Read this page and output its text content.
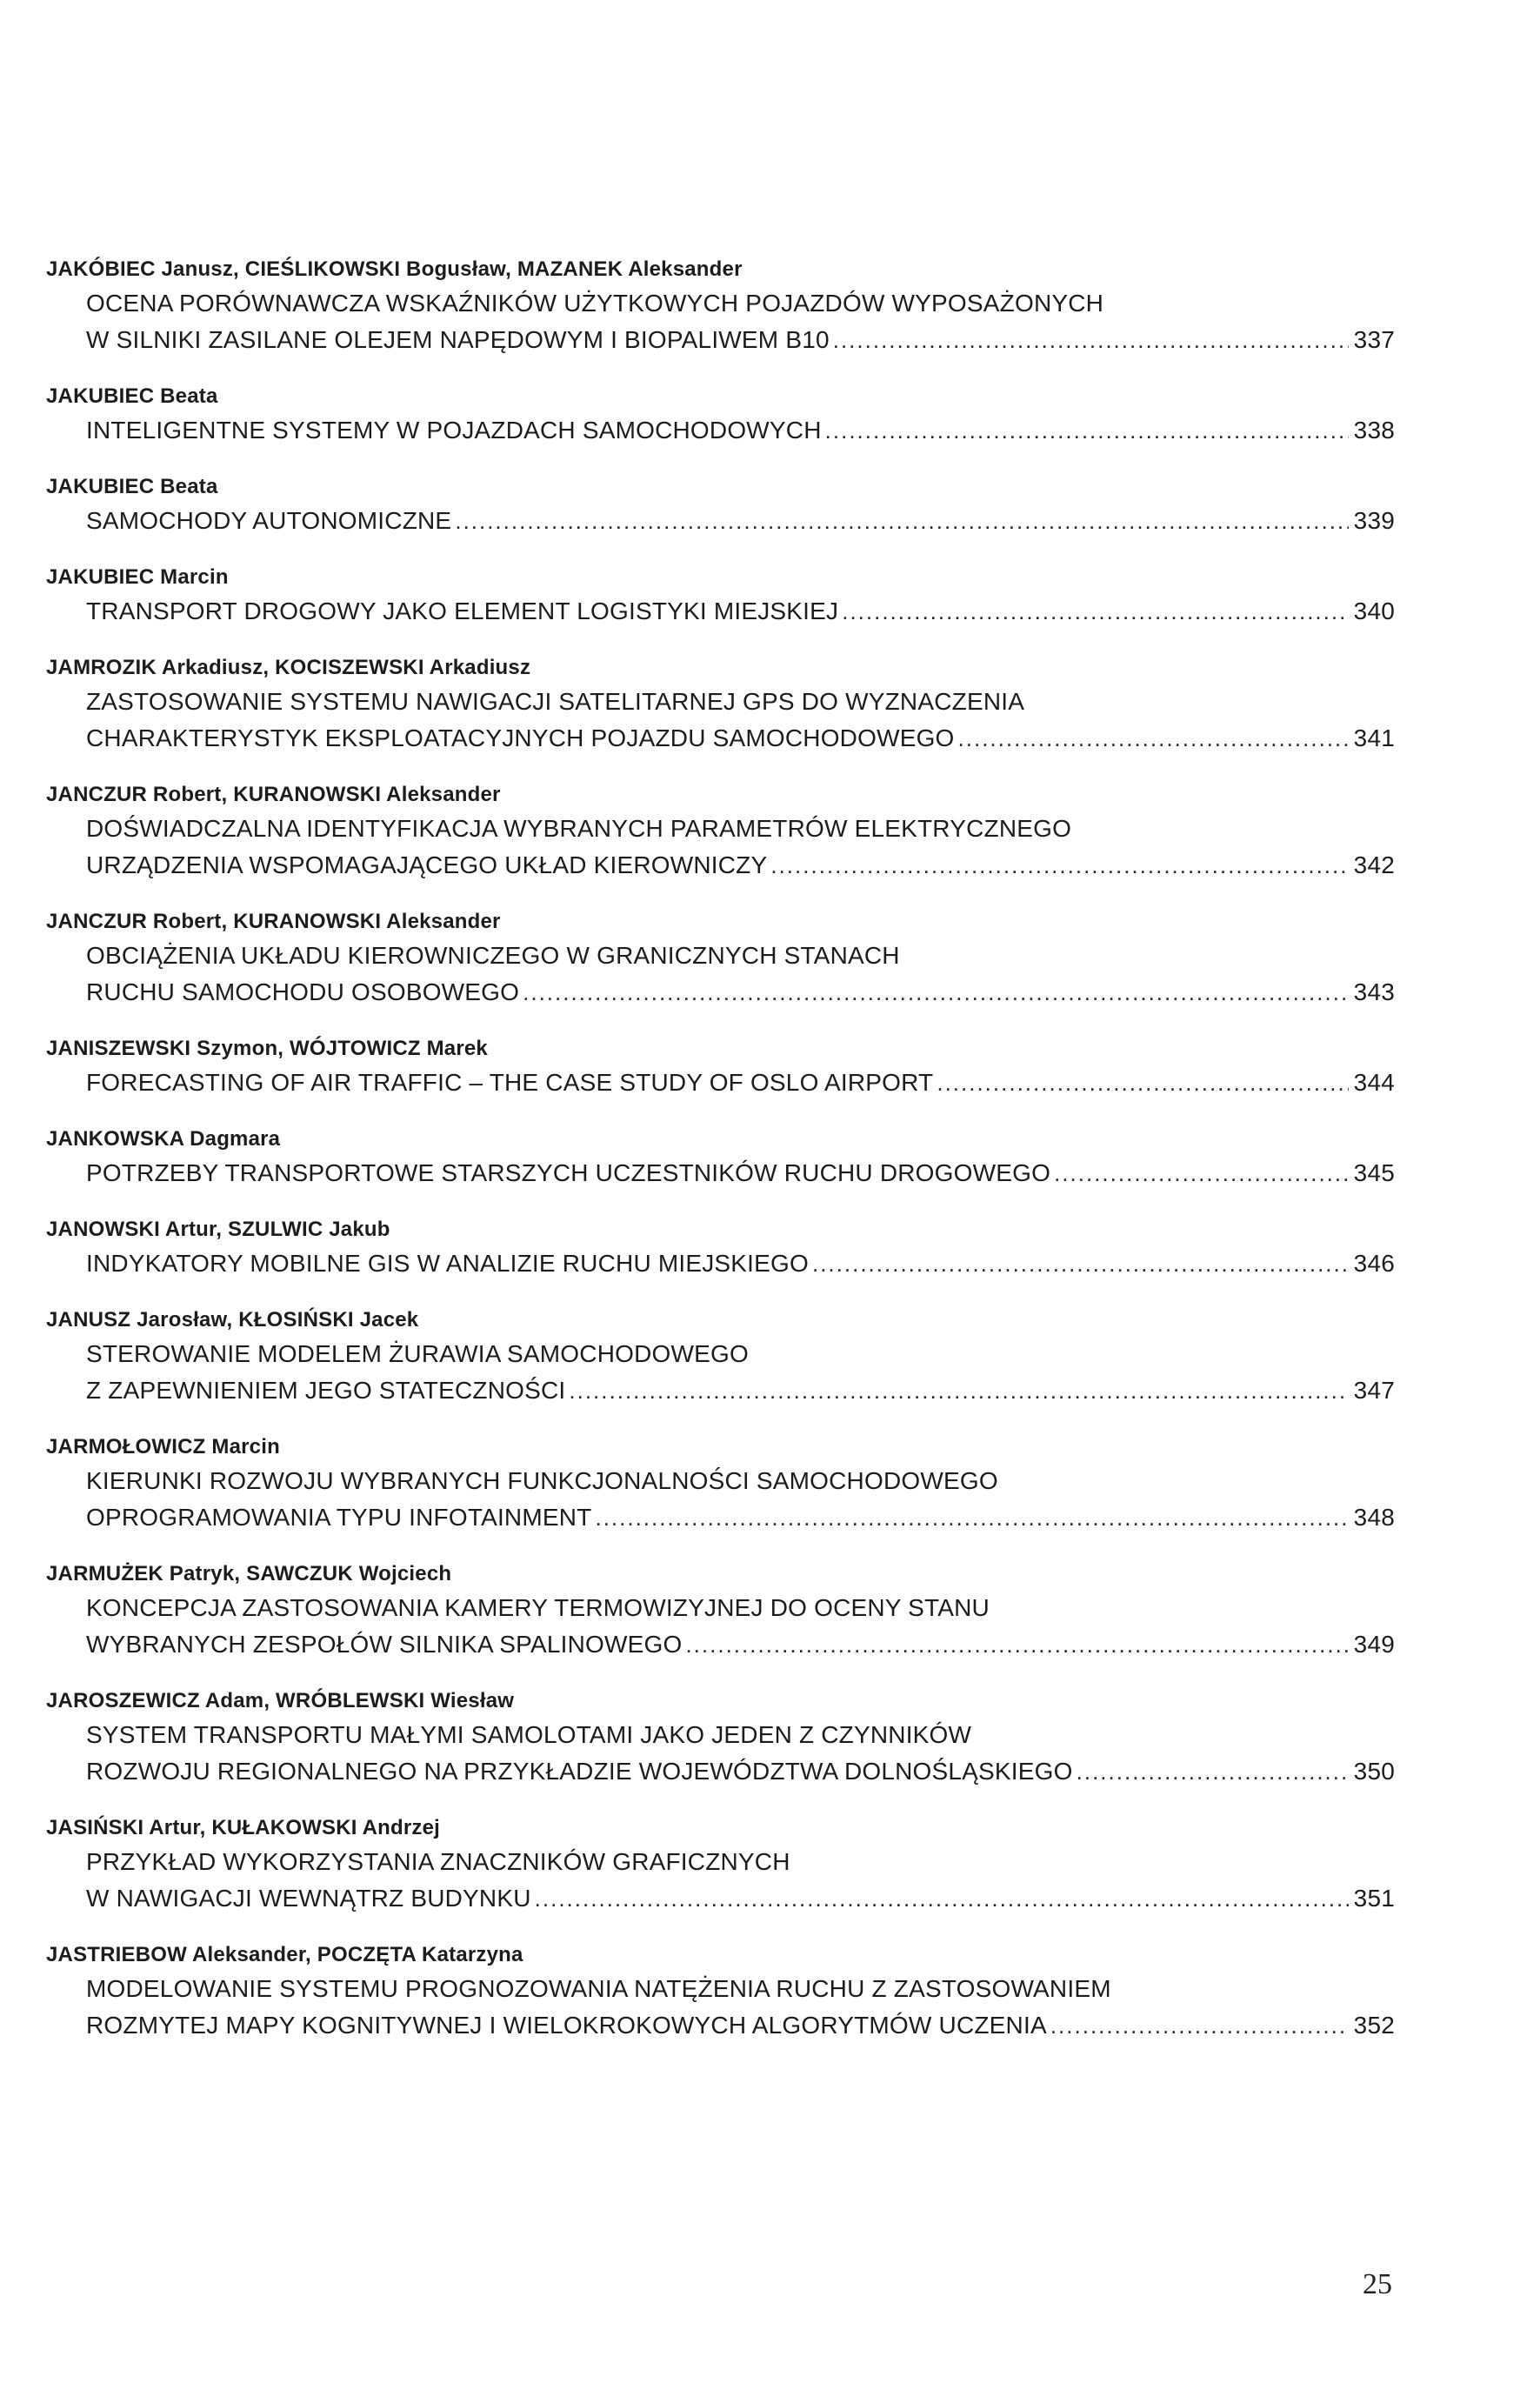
JAKÓBIEC Janusz, CIEŚLIKOWSKI Bogusław, MAZANEK Aleksander
OCENA PORÓWNAWCZA WSKAŹNIKÓW UŻYTKOWYCH POJAZDÓW WYPOSAŻONYCH
W SILNIKI ZASILANE OLEJEM NAPĘDOWYM I BIOPALIWEM B10 .....	337
JAKUBIEC Beata
INTELIGENTNE SYSTEMY W POJAZDACH SAMOCHODOWYCH .....	338
JAKUBIEC Beata
SAMOCHODY AUTONOMICZNE .....	339
JAKUBIEC Marcin
TRANSPORT DROGOWY JAKO ELEMENT LOGISTYKI MIEJSKIEJ .....	340
JAMROZIK Arkadiusz, KOCISZEWSKI Arkadiusz
ZASTOSOWANIE SYSTEMU NAWIGACJI SATELITARNEJ GPS DO WYZNACZENIA
CHARAKTERYSTYK EKSPLOATACYJNYCH POJAZDU SAMOCHODOWEGO .....	341
JANCZUR Robert, KURANOWSKI Aleksander
DOŚWIADCZALNA IDENTYFIKACJA WYBRANYCH PARAMETRÓW ELEKTRYCZNEGO
URZĄDZENIA WSPOMAGAJĄCEGO UKŁAD KIEROWNICZY .....	342
JANCZUR Robert, KURANOWSKI Aleksander
OBCIĄŻENIA UKŁADU KIEROWNICZEGO W GRANICZNYCH STANACH
RUCHU SAMOCHODU OSOBOWEGO .....	343
JANISZEWSKI Szymon, WÓJTOWICZ Marek
FORECASTING OF AIR TRAFFIC – THE CASE STUDY OF OSLO AIRPORT .....	344
JANKOWSKA Dagmara
POTRZEBY TRANSPORTOWE STARSZYCH UCZESTNIKÓW RUCHU DROGOWEGO .....	345
JANOWSKI Artur, SZULWIC Jakub
INDYKATORY MOBILNE GIS W ANALIZIE RUCHU MIEJSKIEGO .....	346
JANUSZ Jarosław, KŁOSIŃSKI Jacek
STEROWANIE MODELEM ŻURAWIA SAMOCHODOWEGO
Z ZAPEWNIENIEM JEGO STATECZNOŚCI .....	347
JARMOŁOWICZ Marcin
KIERUNKI ROZWOJU WYBRANYCH FUNKCJONALNOŚCI SAMOCHODOWEGO
OPROGRAMOWANIA TYPU INFOTAINMENT .....	348
JARMUŻEK Patryk, SAWCZUK Wojciech
KONCEPCJA ZASTOSOWANIA KAMERY TERMOWIZYJNEJ DO OCENY STANU
WYBRANYCH ZESPOŁÓW SILNIKA SPALINOWEGO .....	349
JAROSZEWICZ Adam, WRÓBLEWSKI Wiesław
SYSTEM TRANSPORTU MAŁYMI SAMOLOTAMI JAKO JEDEN Z CZYNNIKÓW
ROZWOJU REGIONALNEGO NA PRZYKŁADZIE WOJEWÓDZTWA DOLNOŚLĄSKIEGO .....	350
JASIŃSKI Artur, KUŁAKOWSKI Andrzej
PRZYKŁAD WYKORZYSTANIA ZNACZNIKÓW GRAFICZNYCH
W NAWIGACJI WEWNĄTRZ BUDYNKU .....	351
JASTRIEBOW Aleksander, POCZĘTA Katarzyna
MODELOWANIE SYSTEMU PROGNOZOWANIA NATĘŻENIA RUCHU Z ZASTOSOWANIEM
ROZMYTEJ MAPY KOGNITYWNEJ I WIELOKROKOWYCH ALGORYTMÓW UCZENIA .....	352
25
